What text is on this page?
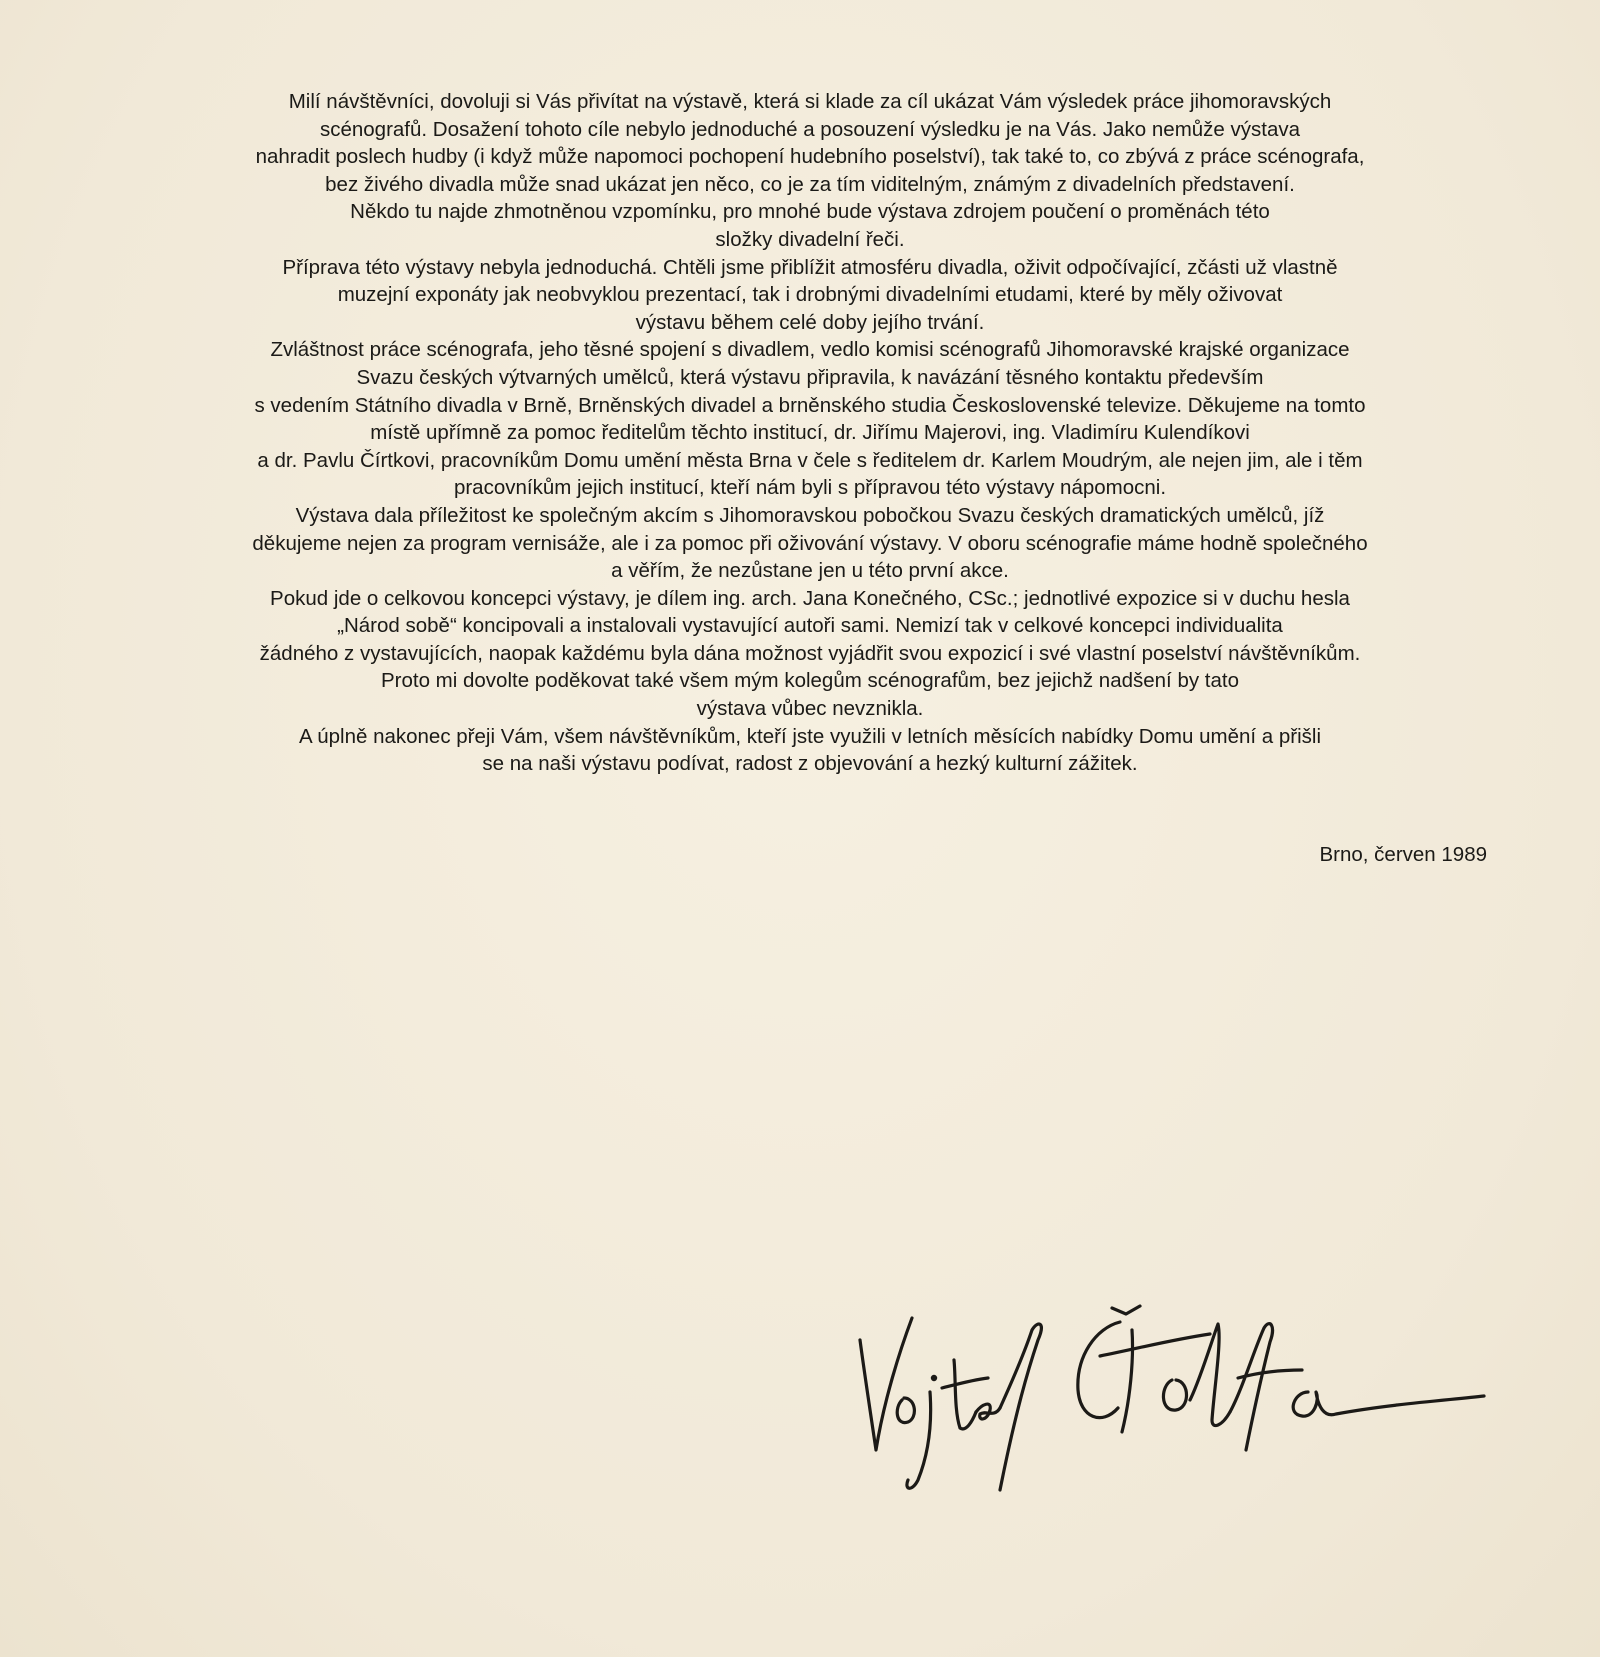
Milí návštěvníci, dovoluji si Vás přivítat na výstavě, která si klade za cíl ukázat Vám výsledek práce jihomoravských
scénografů. Dosažení tohoto cíle nebylo jednoduché a posouzení výsledku je na Vás. Jako nemůže výstava
nahradit poslech hudby (i když může napomoci pochopení hudebního poselství), tak také to, co zbývá z práce scénografa,
bez živého divadla může snad ukázat jen něco, co je za tím viditelným, známým z divadelních představení.
Někdo tu najde zhmotněnou vzpomínku, pro mnohé bude výstava zdrojem poučení o proměnách této
složky divadelní řeči.
Příprava této výstavy nebyla jednoduchá. Chtěli jsme přiblížit atmosféru divadla, oživit odpočívající, zčásti už vlastně
muzejní exponáty jak neobvyklou prezentací, tak i drobnými divadelními etudami, které by měly oživovat
výstavu během celé doby jejího trvání.
Zvláštnost práce scénografa, jeho těsné spojení s divadlem, vedlo komisi scénografů Jihomoravské krajské organizace
Svazu českých výtvarných umělců, která výstavu připravila, k navázání těsného kontaktu především
s vedením Státního divadla v Brně, Brněnských divadel a brněnského studia Československé televize. Děkujeme na tomto
místě upřímně za pomoc ředitelům těchto institucí, dr. Jiřímu Majerovi, ing. Vladimíru Kulendíkovi
a dr. Pavlu Čírtkovi, pracovníkům Domu umění města Brna v čele s ředitelem dr. Karlem Moudrým, ale nejen jim, ale i těm
pracovníkům jejich institucí, kteří nám byli s přípravou této výstavy nápomocni.
Výstava dala příležitost ke společným akcím s Jihomoravskou pobočkou Svazu českých dramatických umělců, jíž
děkujeme nejen za program vernisáže, ale i za pomoc při oživování výstavy. V oboru scénografie máme hodně společného
a věřím, že nezůstane jen u této první akce.
Pokud jde o celkovou koncepci výstavy, je dílem ing. arch. Jana Konečného, CSc.; jednotlivé expozice si v duchu hesla
„Národ sobě“ koncipovali a instalovali vystavující autoři sami. Nemizí tak v celkové koncepci individualita
žádného z vystavujících, naopak každému byla dána možnost vyjádřit svou expozicí i své vlastní poselství návštěvníkům.
Proto mi dovolte poděkovat také všem mým kolegům scénografům, bez jejichž nadšení by tato
výstava vůbec nevznikla.
A úplně nakonec přeji Vám, všem návštěvníkům, kteří jste využili v letních měsících nabídky Domu umění a přišli
se na naši výstavu podívat, radost z objevování a hezký kulturní zážitek.
Brno, červen 1989
